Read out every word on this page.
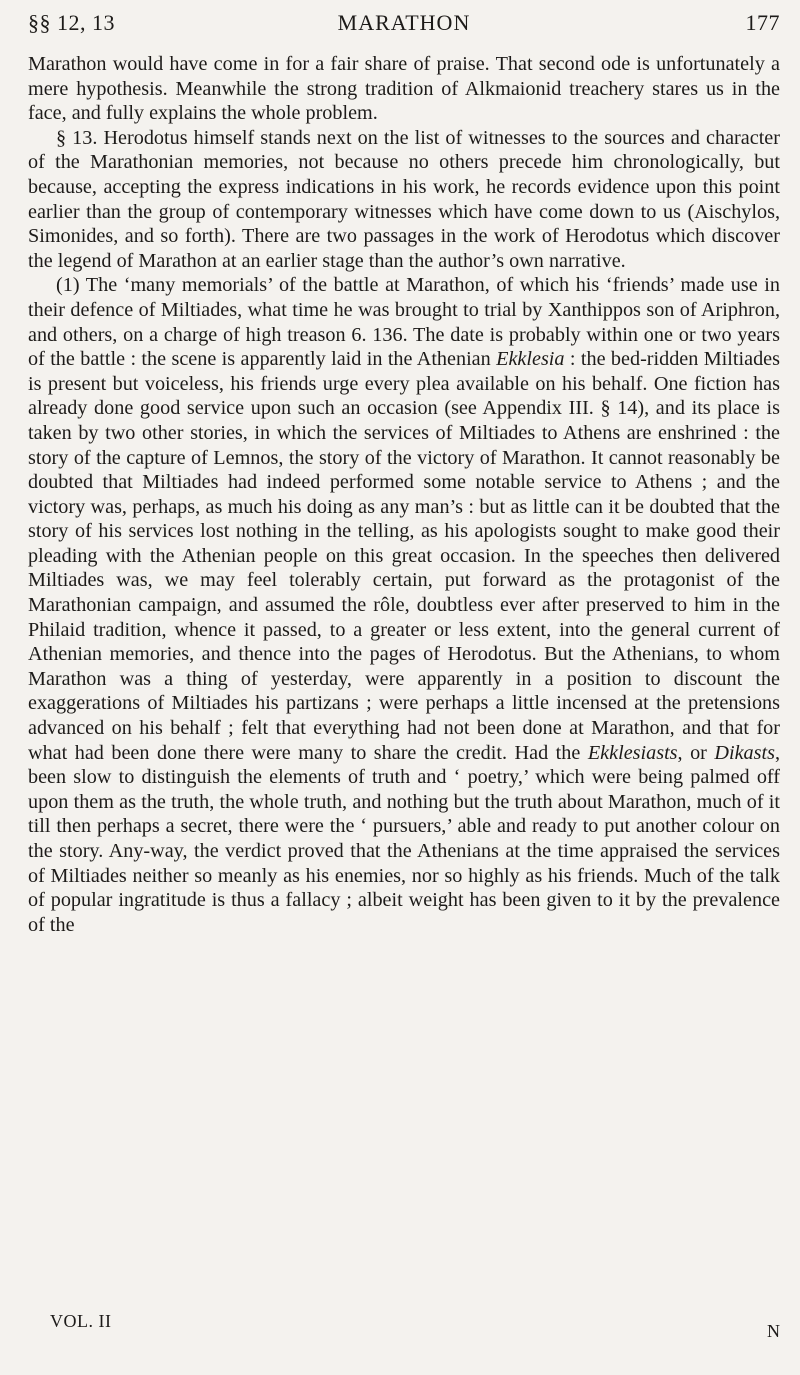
§§ 12, 13	MARATHON	177

Marathon would have come in for a fair share of praise. That second ode is unfortunately a mere hypothesis. Meanwhile the strong tradition of Alkmaionid treachery stares us in the face, and fully explains the whole problem.

§ 13. Herodotus himself stands next on the list of witnesses to the sources and character of the Marathonian memories, not because no others precede him chronologically, but because, accepting the express indications in his work, he records evidence upon this point earlier than the group of contemporary witnesses which have come down to us (Aischylos, Simonides, and so forth). There are two passages in the work of Herodotus which discover the legend of Marathon at an earlier stage than the author’s own narrative.

(1) The ‘many memorials’ of the battle at Marathon, of which his ‘friends’ made use in their defence of Miltiades, what time he was brought to trial by Xanthippos son of Ariphron, and others, on a charge of high treason 6. 136. The date is probably within one or two years of the battle : the scene is apparently laid in the Athenian Ekklesia : the bed-ridden Miltiades is present but voiceless, his friends urge every plea available on his behalf. One fiction has already done good service upon such an occasion (see Appendix III. § 14), and its place is taken by two other stories, in which the services of Miltiades to Athens are enshrined : the story of the capture of Lemnos, the story of the victory of Marathon. It cannot reasonably be doubted that Miltiades had indeed performed some notable service to Athens ; and the victory was, perhaps, as much his doing as any man’s : but as little can it be doubted that the story of his services lost nothing in the telling, as his apologists sought to make good their pleading with the Athenian people on this great occasion. In the speeches then delivered Miltiades was, we may feel tolerably certain, put forward as the protagonist of the Marathonian campaign, and assumed the rôle, doubtless ever after preserved to him in the Philaid tradition, whence it passed, to a greater or less extent, into the general current of Athenian memories, and thence into the pages of Herodotus. But the Athenians, to whom Marathon was a thing of yesterday, were apparently in a position to discount the exaggerations of Miltiades his partizans ; were perhaps a little incensed at the pretensions advanced on his behalf ; felt that everything had not been done at Marathon, and that for what had been done there were many to share the credit. Had the Ekklesiasts, or Dikasts, been slow to distinguish the elements of truth and ‘ poetry,’ which were being palmed off upon them as the truth, the whole truth, and nothing but the truth about Marathon, much of it till then perhaps a secret, there were the ‘ pursuers,’ able and ready to put another colour on the story. Any-way, the verdict proved that the Athenians at the time appraised the services of Miltiades neither so meanly as his enemies, nor so highly as his friends. Much of the talk of popular ingratitude is thus a fallacy ; albeit weight has been given to it by the prevalence of the

VOL. II	N
